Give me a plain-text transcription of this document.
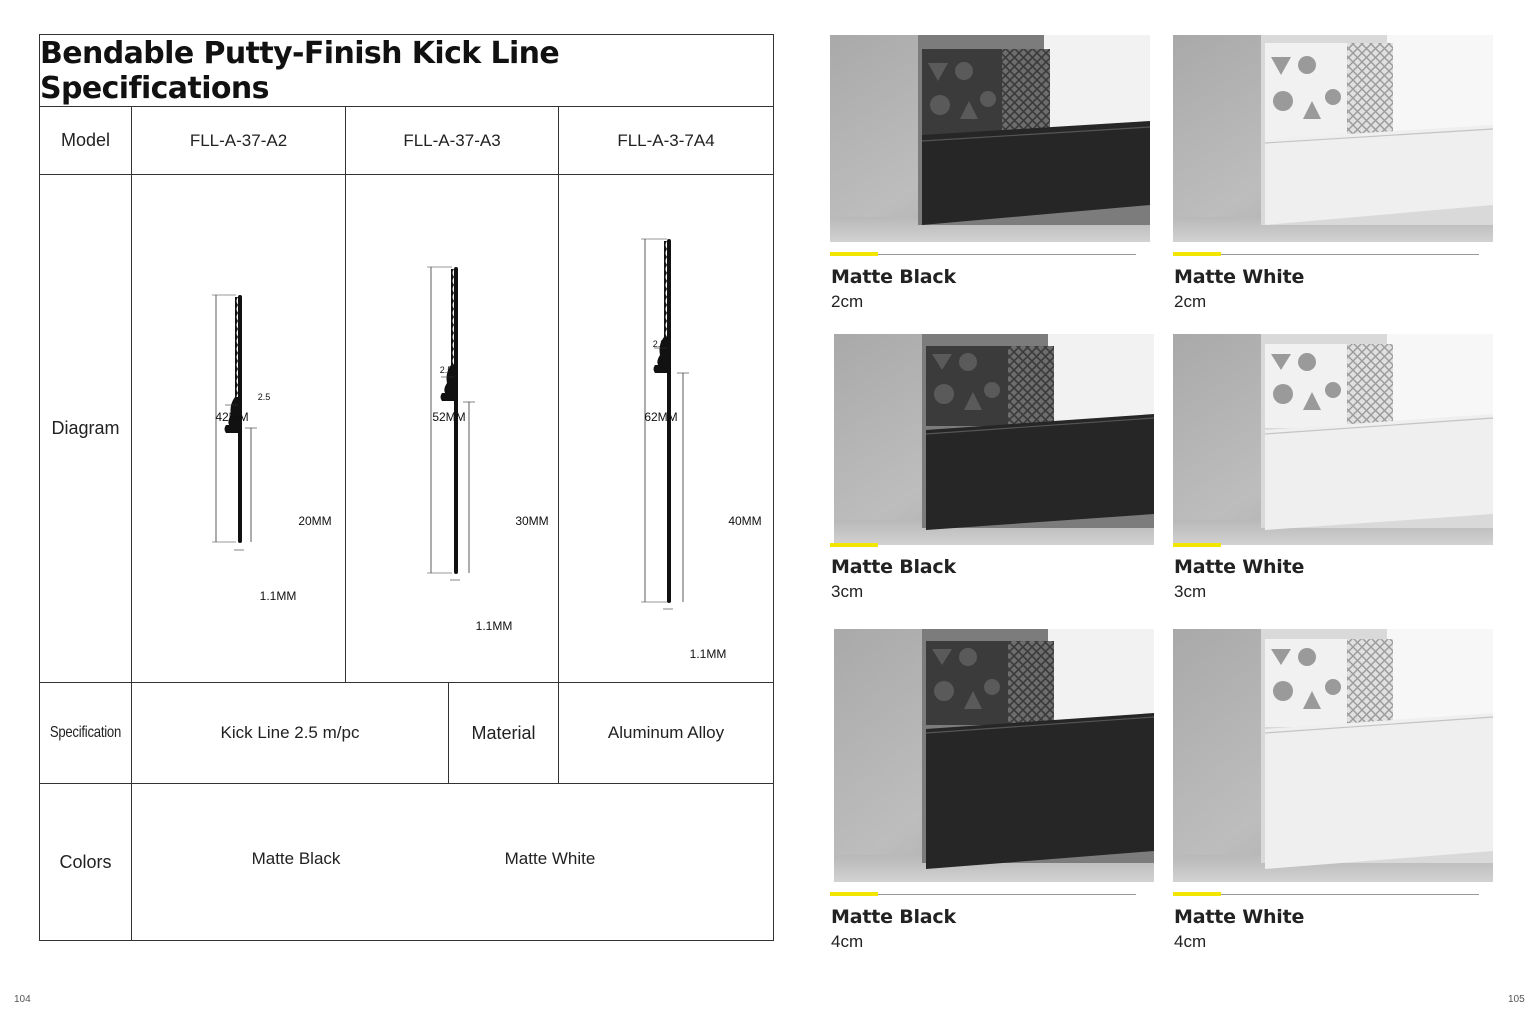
Bendable Putty-Finish Kick Line Specifications
Model	FLL-A-37-A2	FLL-A-37-A3	FLL-A-3-7A4
Diagram
2.5
42MM
20MM
1.1MM
2.5
52MM
30MM
1.1MM
2.5
62MM
40MM
1.1MM
Specification	Kick Line 2.5 m/pc	Material	Aluminum Alloy
Colors	Matte Black	Matte White
104
Matte Black
2cm
Matte White
2cm
Matte Black
3cm
Matte White
3cm
Matte Black
4cm
Matte White
4cm
105
